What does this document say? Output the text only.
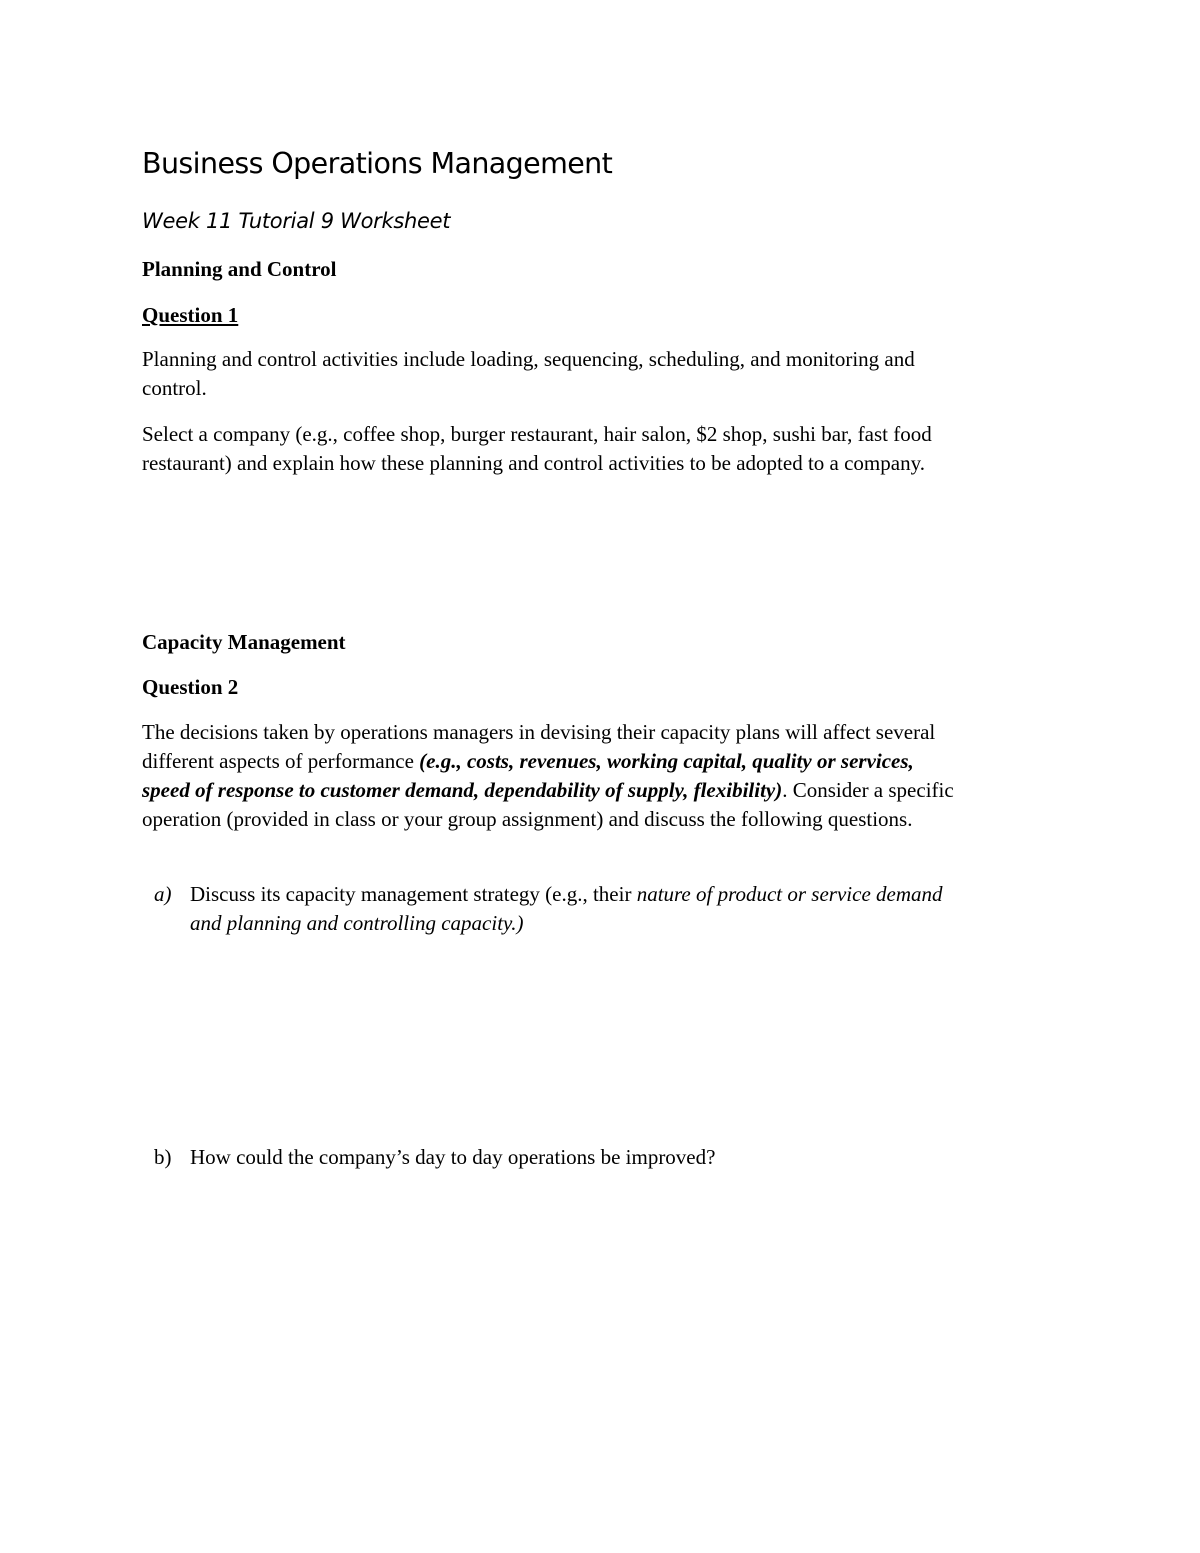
Business Operations Management
Week 11 Tutorial 9 Worksheet
Planning and Control
Question 1
Planning and control activities include loading, sequencing, scheduling, and monitoring and
control.
Select a company (e.g., coffee shop, burger restaurant, hair salon, $2 shop, sushi bar, fast food
restaurant) and explain how these planning and control activities to be adopted to a company.
Capacity Management
Question 2
The decisions taken by operations managers in devising their capacity plans will affect several
different aspects of performance (e.g., costs, revenues, working capital, quality or services,
speed of response to customer demand, dependability of supply, flexibility). Consider a specific
operation (provided in class or your group assignment) and discuss the following questions.
a) Discuss its capacity management strategy (e.g., their nature of product or service demand
and planning and controlling capacity.)
b) How could the company’s day to day operations be improved?
